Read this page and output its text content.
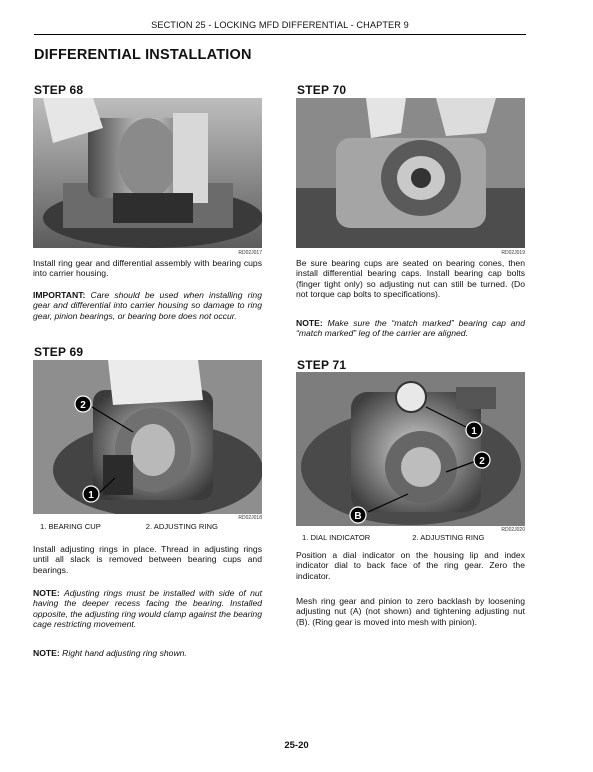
SECTION 25 - LOCKING MFD DIFFERENTIAL - CHAPTER 9
DIFFERENTIAL INSTALLATION
STEP 68
RD02J017
Install ring gear and differential assembly with bearing cups into carrier housing.
IMPORTANT: Care should be used when installing ring gear and differential into carrier housing so damage to ring gear, pinion bearings, or bearing bore does not occur.
STEP 69
2
1
RD02J018
1. BEARING CUP	2. ADJUSTING RING
Install adjusting rings in place. Thread in adjusting rings until all slack is removed between bearing cups and bearings.
NOTE: Adjusting rings must be installed with side of nut having the deeper recess facing the bearing. Installed opposite, the adjusting ring would clamp against the bearing cage restricting movement.
NOTE: Right hand adjusting ring shown.
STEP 70
RD02J019
Be sure bearing cups are seated on bearing cones, then install differential bearing caps. Install bearing cap bolts (finger tight only) so adjusting nut can still be turned. (Do not torque cap bolts to specifications).
NOTE: Make sure the “match marked” bearing cap and “match marked” leg of the carrier are aligned.
STEP 71
1
2
B
RD02J020
1. DIAL INDICATOR	2. ADJUSTING RING
Position a dial indicator on the housing lip and index indicator dial to back face of the ring gear. Zero the indicator.
Mesh ring gear and pinion to zero backlash by loosening adjusting nut (A) (not shown) and tightening adjusting nut (B). (Ring gear is moved into mesh with pinion).
25-20
